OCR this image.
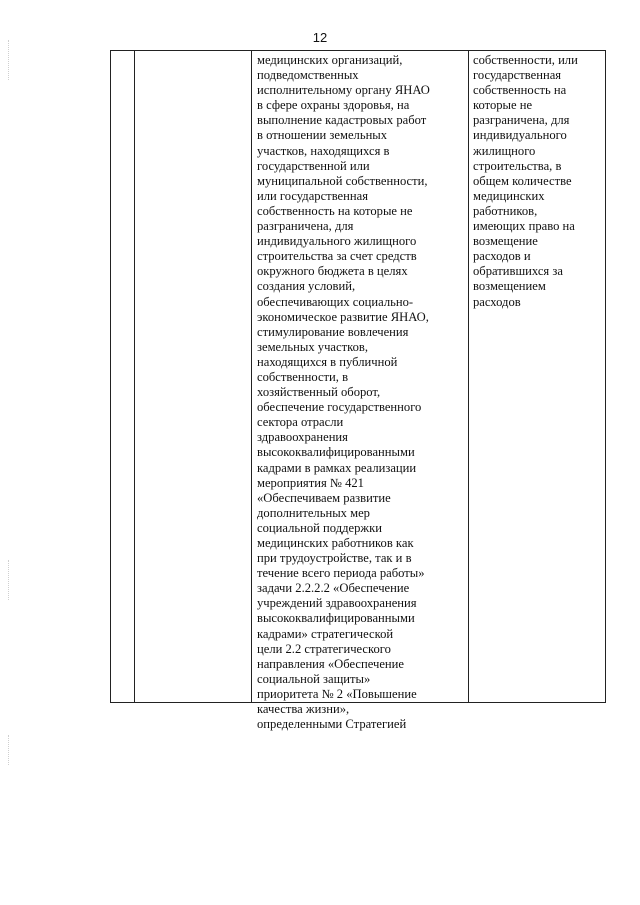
12
медицинских организаций,
подведомственных
исполнительному органу ЯНАО
в сфере охраны здоровья, на
выполнение кадастровых работ
в отношении земельных
участков, находящихся в
государственной или
муниципальной собственности,
или государственная
собственность на которые не
разграничена, для
индивидуального жилищного
строительства за счет средств
окружного бюджета в целях
создания условий,
обеспечивающих социально-
экономическое развитие ЯНАО,
стимулирование вовлечения
земельных участков,
находящихся в публичной
собственности, в
хозяйственный оборот,
обеспечение государственного
сектора отрасли
здравоохранения
высококвалифицированными
кадрами в рамках реализации
мероприятия № 421
«Обеспечиваем развитие
дополнительных мер
социальной поддержки
медицинских работников как
при трудоустройстве, так и в
течение всего периода работы»
задачи 2.2.2.2 «Обеспечение
учреждений здравоохранения
высококвалифицированными
кадрами» стратегической
цели 2.2 стратегического
направления «Обеспечение
социальной защиты»
приоритета № 2 «Повышение
качества жизни»,
определенными Стратегией
собственности, или
государственная
собственность на
которые не
разграничена, для
индивидуального
жилищного
строительства, в
общем количестве
медицинских
работников,
имеющих право на
возмещение
расходов и
обратившихся за
возмещением
расходов
